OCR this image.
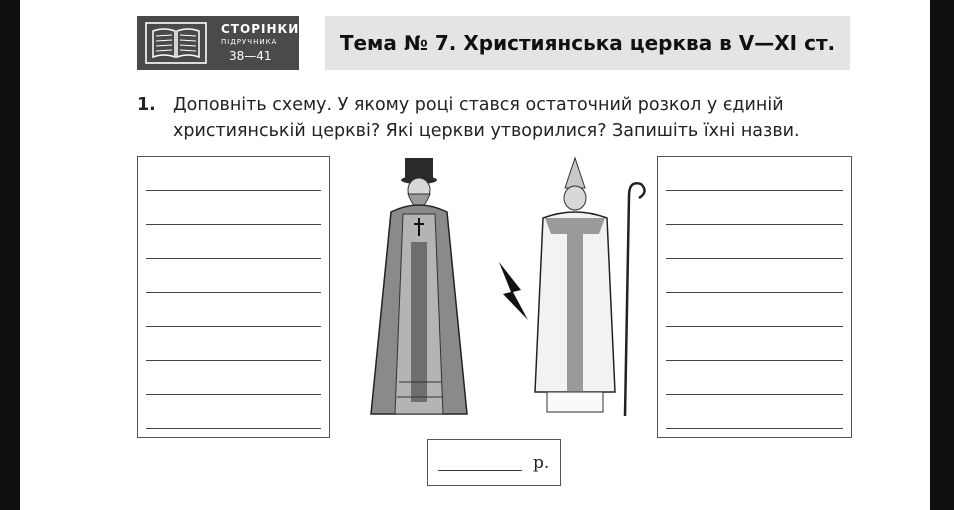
СТОРІНКИ
ПІДРУЧНИКА
38—41
Тема № 7. Християнська церква в V—XI ст.
1. Доповніть схему. У якому році стався остаточний розкол у єдиній християнській церкві? Які церкви утворилися? Запишіть їхні назви.
р.
